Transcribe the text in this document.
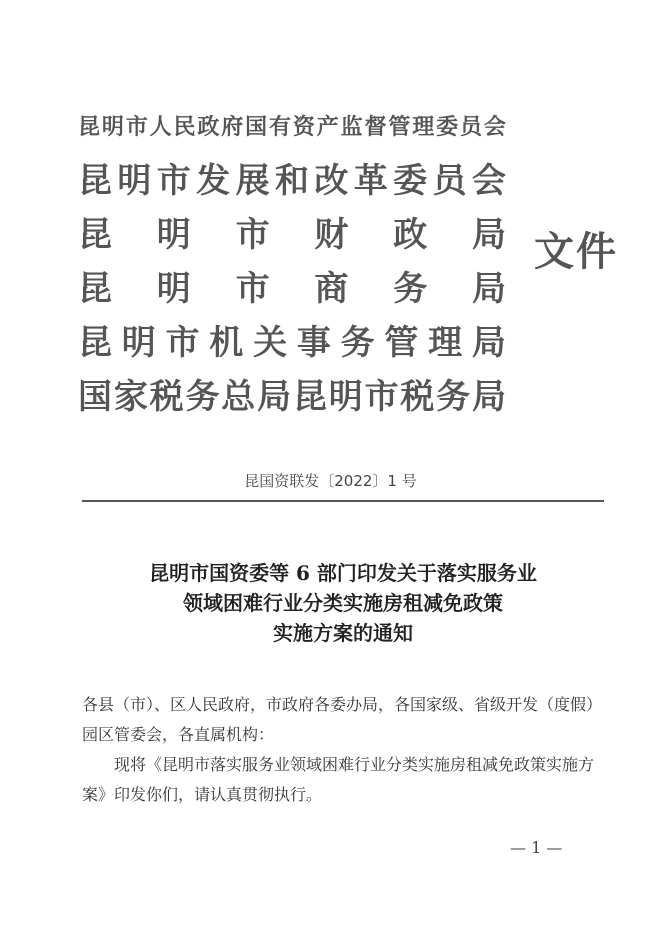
昆 明 市 人 民 政 府 国 有 资 产 监 督 管 理 委 员 会
昆 明 市 发 展 和 改 革 委 员 会
昆 明 市 财 政 局
昆 明 市 商 务 局
昆 明 市 机 关 事 务 管 理 局
国 家 税 务 总 局 昆 明 市 税 务 局
文件
昆国资联发〔2022〕1 号
昆明市国资委等 6 部门印发关于落实服务业
领域困难行业分类实施房租减免政策
实施方案的通知

各县（市）、区人民政府，市政府各委办局，各国家级、省级开发（度假）园区管委会，各直属机构：

现将《昆明市落实服务业领域困难行业分类实施房租减免政策实施方案》印发你们，请认真贯彻执行。

— 1 —
